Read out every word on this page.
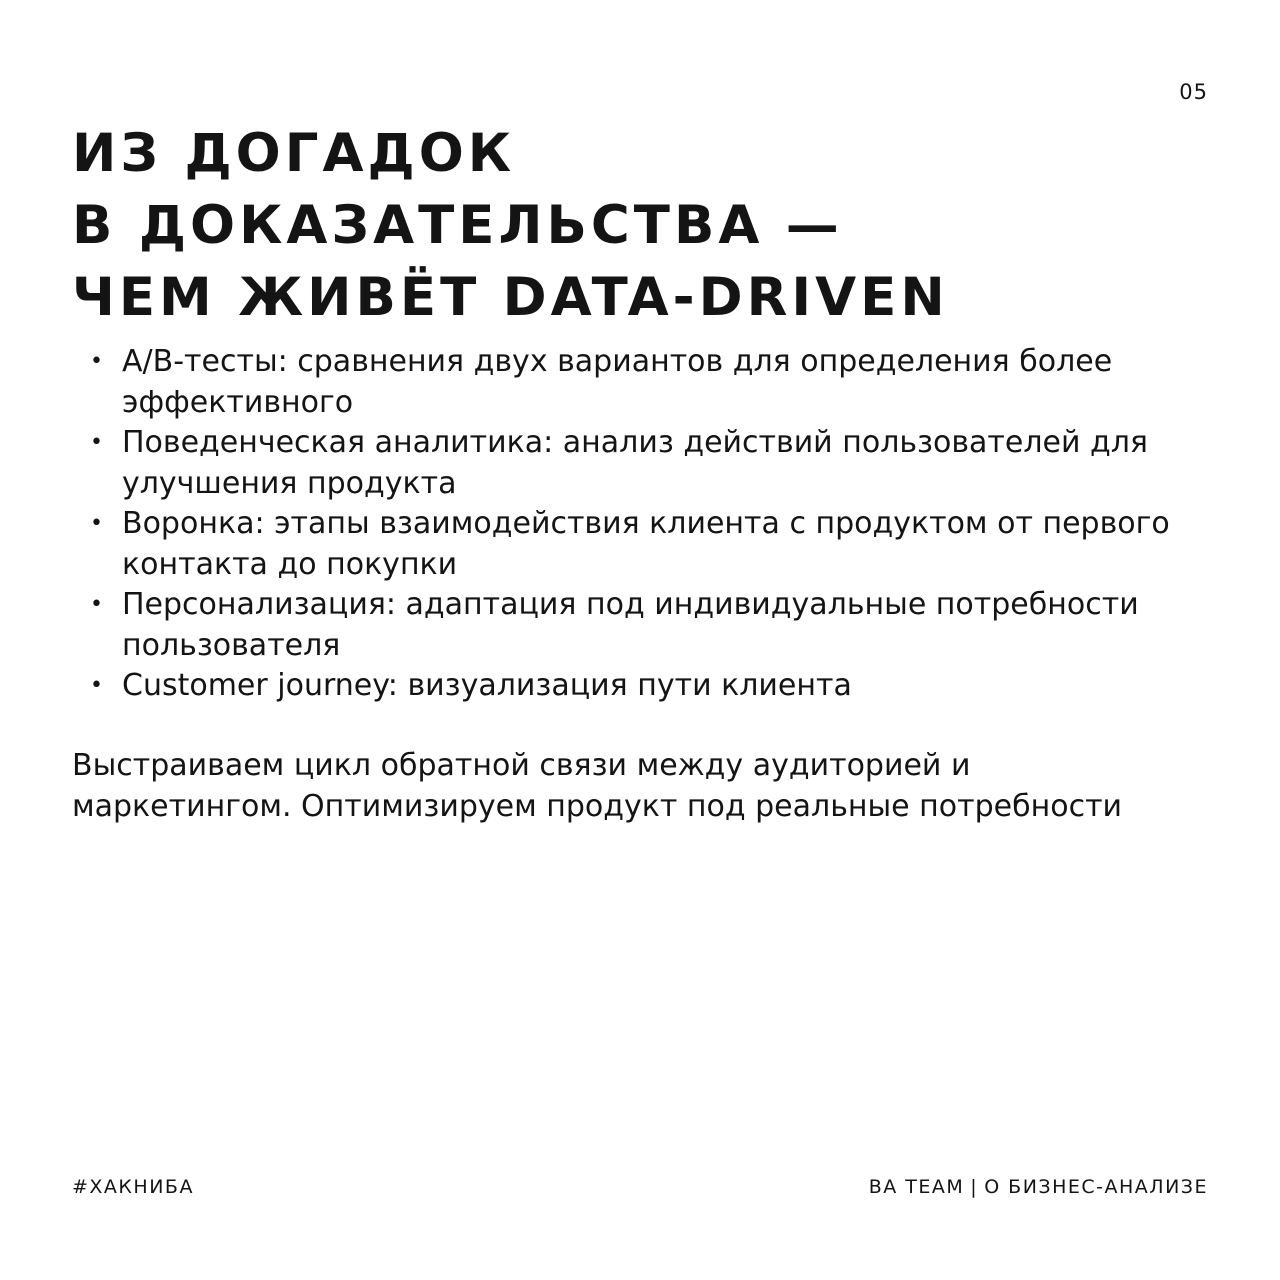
05
ИЗ ДОГАДОК
В ДОКАЗАТЕЛЬСТВА —
ЧЕМ ЖИВЁТ DATA-DRIVEN
• А/В-тесты: сравнения двух вариантов для определения более эффективного
• Поведенческая аналитика: анализ действий пользователей для улучшения продукта
• Воронка: этапы взаимодействия клиента с продуктом от первого контакта до покупки
• Персонализация: адаптация под индивидуальные потребности пользователя
• Customer journey: визуализация пути клиента

Выстраиваем цикл обратной связи между аудиторией и маркетингом. Оптимизируем продукт под реальные потребности

#ХАКНИБА	BA TEAM | О БИЗНЕС-АНАЛИЗЕ
